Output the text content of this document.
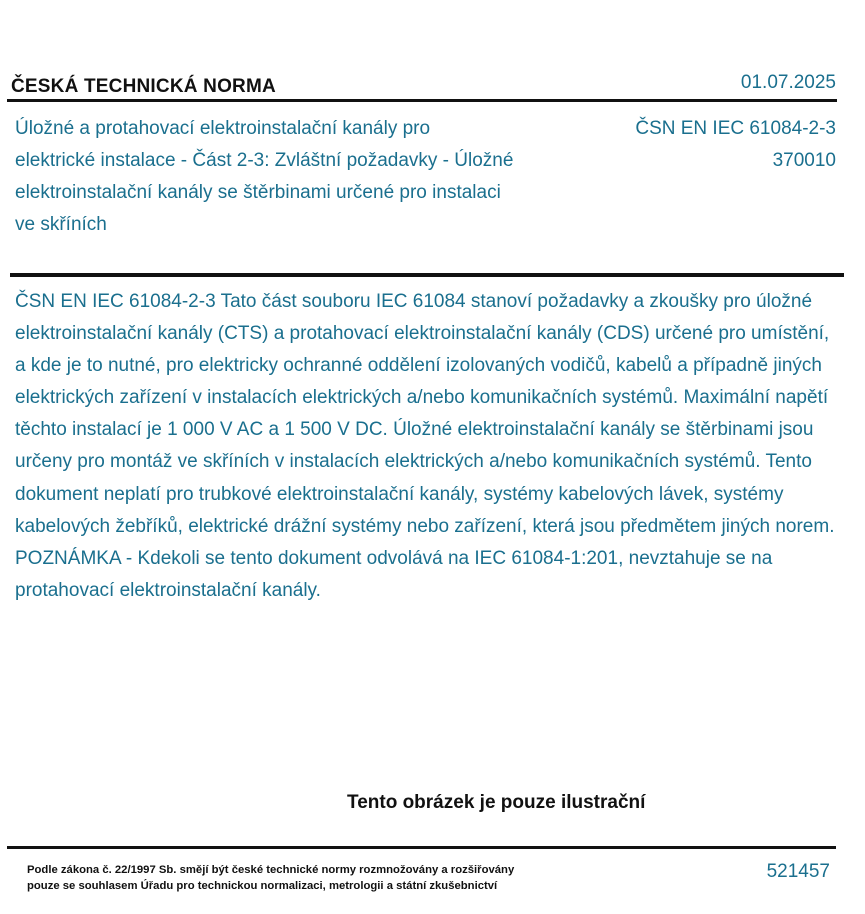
ČESKÁ TECHNICKÁ NORMA	01.07.2025
Úložné a protahovací elektroinstalační kanály pro elektrické instalace - Část 2-3: Zvláštní požadavky - Úložné elektroinstalační kanály se štěrbinami určené pro instalaci ve skříních
ČSN EN IEC 61084-2-3
370010
ČSN EN IEC 61084-2-3 Tato část souboru IEC 61084 stanoví požadavky a zkoušky pro úložné elektroinstalační kanály (CTS) a protahovací elektroinstalační kanály (CDS) určené pro umístění, a kde je to nutné, pro elektricky ochranné oddělení izolovaných vodičů, kabelů a případně jiných elektrických zařízení v instalacích elektrických a/nebo komunikačních systémů. Maximální napětí těchto instalací je 1 000 V AC a 1 500 V DC. Úložné elektroinstalační kanály se štěrbinami jsou určeny pro montáž ve skříních v instalacích elektrických a/nebo komunikačních systémů. Tento dokument neplatí pro trubkové elektroinstalační kanály, systémy kabelových lávek, systémy kabelových žebříků, elektrické drážní systémy nebo zařízení, která jsou předmětem jiných norem. POZNÁMKA - Kdekoli se tento dokument odvolává na IEC 61084-1:201, nevztahuje se na protahovací elektroinstalační kanály.
Tento obrázek je pouze ilustrační
Podle zákona č. 22/1997 Sb. smějí být české technické normy rozmnožovány a rozšiřovány
pouze se souhlasem Úřadu pro technickou normalizaci, metrologii a státní zkušebnictví
521457
